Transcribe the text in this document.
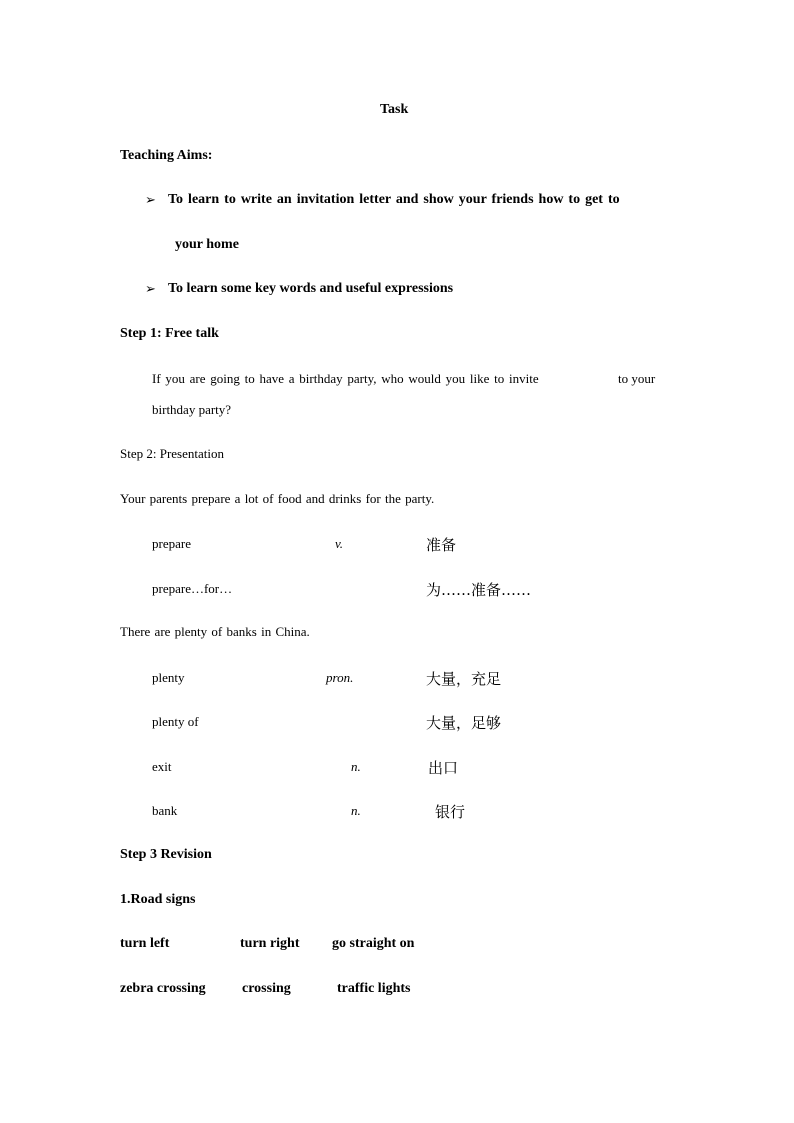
Task
Teaching Aims:
➢ To learn to write an invitation letter and show your friends how to get to
your home
➢ To learn some key words and useful expressions
Step 1: Free talk
If you are going to have a birthday party, who would you like to invite	to your
birthday party?
Step 2: Presentation
Your parents prepare a lot of food and drinks for the party.
prepare	v.	准备
prepare…for…	为……准备……
There are plenty of banks in China.
plenty	pron.	大量，充足
plenty of	大量，足够
exit	n.	出口
bank	n.	银行
Step 3 Revision
1.Road signs
turn left	turn right go straight on
zebra crossing	crossing	traffic lights
